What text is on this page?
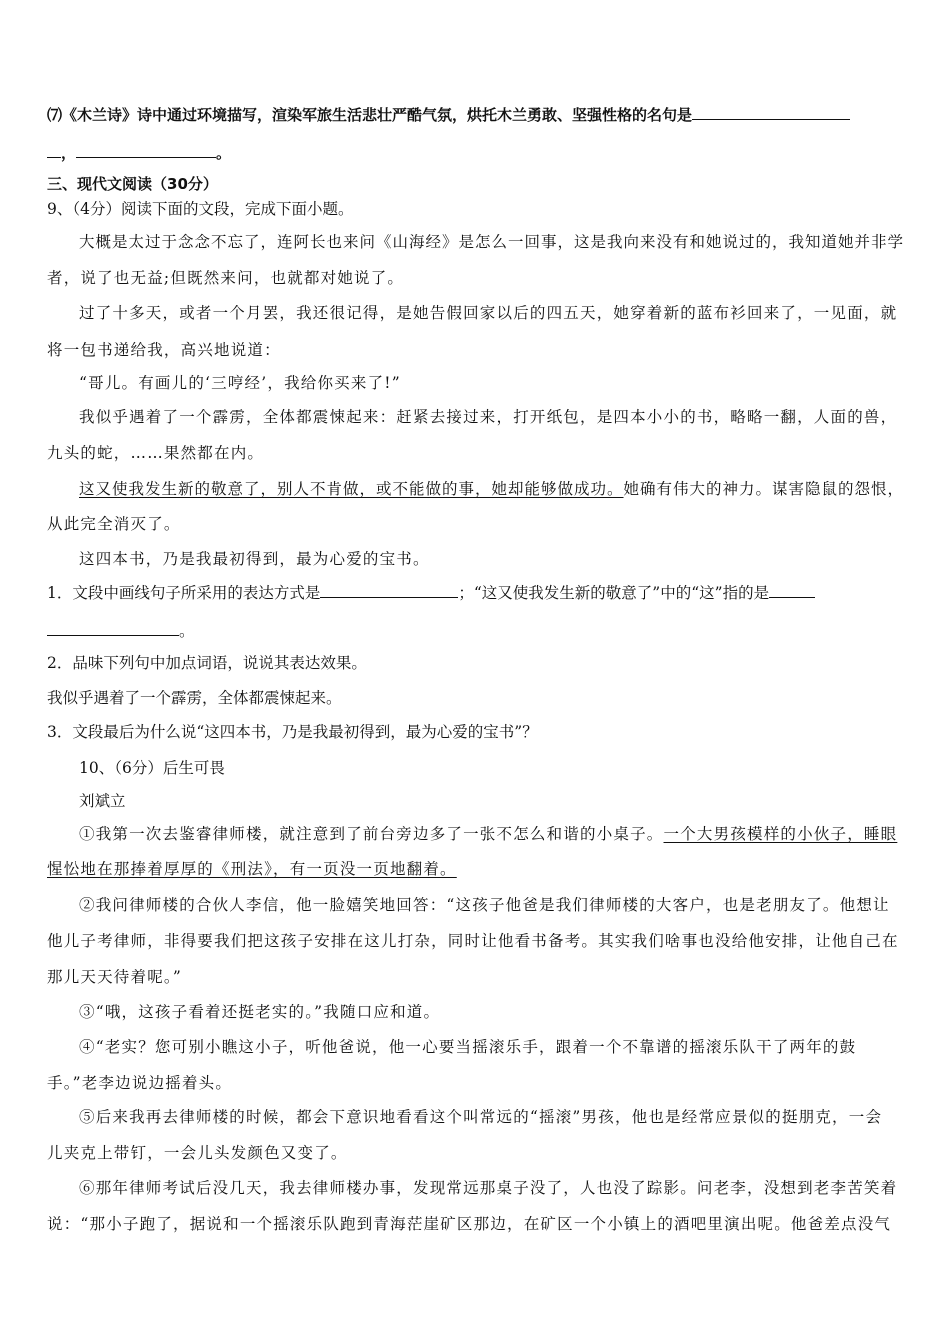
⑺《木兰诗》诗中通过环境描写，渲染军旅生活悲壮严酷气氛，烘托木兰勇敢、坚强性格的名句是
，	。
三、现代文阅读（30分）
9、（4分）阅读下面的文段，完成下面小题。
大概是太过于念念不忘了，连阿长也来问《山海经》是怎么一回事，这是我向来没有和她说过的，我知道她并非学
者，说了也无益;但既然来问，也就都对她说了。
过了十多天，或者一个月罢，我还很记得，是她告假回家以后的四五天，她穿着新的蓝布衫回来了，一见面，就
将一包书递给我，高兴地说道：
“哥儿。有画儿的‘三哼经’，我给你买来了!”
我似乎遇着了一个霹雳，全体都震悚起来：赶紧去接过来，打开纸包，是四本小小的书，略略一翻，人面的兽，
九头的蛇，……果然都在内。
这又使我发生新的敬意了，别人不肯做，或不能做的事，她却能够做成功。她确有伟大的神力。谋害隐鼠的怨恨，
从此完全消灭了。
这四本书，乃是我最初得到，最为心爱的宝书。
1．文段中画线句子所采用的表达方式是	；“这又使我发生新的敬意了”中的“这”指的是
。
2．品味下列句中加点词语，说说其表达效果。
我似乎遇着了一个霹雳，全体都震悚起来。
3．文段最后为什么说“这四本书，乃是我最初得到，最为心爱的宝书”？
10、（6分）后生可畏
刘斌立
①我第一次去鉴睿律师楼，就注意到了前台旁边多了一张不怎么和谐的小桌子。一个大男孩模样的小伙子，睡眼
惺忪地在那捧着厚厚的《刑法》，有一页没一页地翻着。
②我问律师楼的合伙人李信，他一脸嬉笑地回答：“这孩子他爸是我们律师楼的大客户，也是老朋友了。他想让
他儿子考律师，非得要我们把这孩子安排在这儿打杂，同时让他看书备考。其实我们啥事也没给他安排，让他自己在
那儿天天待着呢。”
③“哦，这孩子看着还挺老实的。”我随口应和道。
④“老实？您可别小瞧这小子，听他爸说，他一心要当摇滚乐手，跟着一个不靠谱的摇滚乐队干了两年的鼓
手。”老李边说边摇着头。
⑤后来我再去律师楼的时候，都会下意识地看看这个叫常远的“摇滚”男孩，他也是经常应景似的挺朋克，一会
儿夹克上带钉，一会儿头发颜色又变了。
⑥那年律师考试后没几天，我去律师楼办事，发现常远那桌子没了，人也没了踪影。问老李，没想到老李苦笑着
说：“那小子跑了，据说和一个摇滚乐队跑到青海茫崖矿区那边，在矿区一个小镇上的酒吧里演出呢。他爸差点没气
